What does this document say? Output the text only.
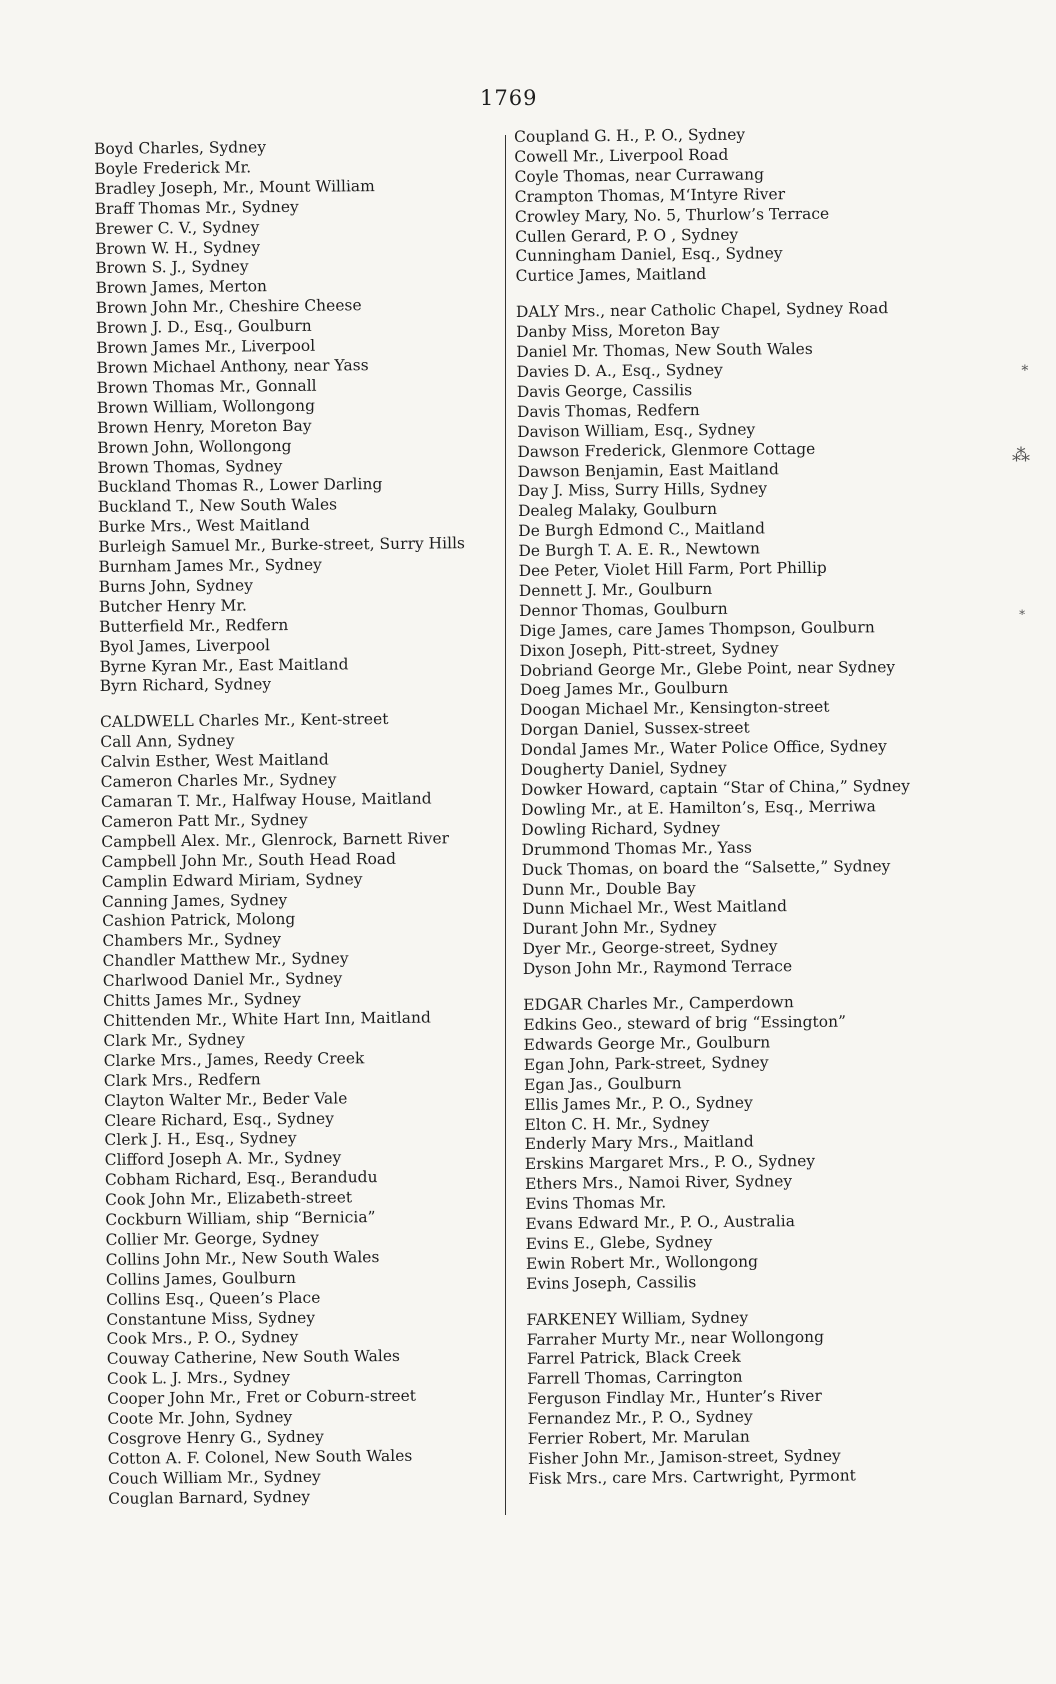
1769
Boyd Charles, Sydney
Boyle Frederick Mr.
Bradley Joseph, Mr., Mount William
Braff Thomas Mr., Sydney
Brewer C. V., Sydney
Brown W. H., Sydney
Brown S. J., Sydney
Brown James, Merton
Brown John Mr., Cheshire Cheese
Brown J. D., Esq., Goulburn
Brown James Mr., Liverpool
Brown Michael Anthony, near Yass
Brown Thomas Mr., Gonnall
Brown William, Wollongong
Brown Henry, Moreton Bay
Brown John, Wollongong
Brown Thomas, Sydney
Buckland Thomas R., Lower Darling
Buckland T., New South Wales
Burke Mrs., West Maitland
Burleigh Samuel Mr., Burke-street, Surry Hills
Burnham James Mr., Sydney
Burns John, Sydney
Butcher Henry Mr.
Butterfield Mr., Redfern
Byol James, Liverpool
Byrne Kyran Mr., East Maitland
Byrn Richard, Sydney
CALDWELL Charles Mr., Kent-street
Call Ann, Sydney
Calvin Esther, West Maitland
Cameron Charles Mr., Sydney
Camaran T. Mr., Halfway House, Maitland
Cameron Patt Mr., Sydney
Campbell Alex. Mr., Glenrock, Barnett River
Campbell John Mr., South Head Road
Camplin Edward Miriam, Sydney
Canning James, Sydney
Cashion Patrick, Molong
Chambers Mr., Sydney
Chandler Matthew Mr., Sydney
Charlwood Daniel Mr., Sydney
Chitts James Mr., Sydney
Chittenden Mr., White Hart Inn, Maitland
Clark Mr., Sydney
Clarke Mrs., James, Reedy Creek
Clark Mrs., Redfern
Clayton Walter Mr., Beder Vale
Cleare Richard, Esq., Sydney
Clerk J. H., Esq., Sydney
Clifford Joseph A. Mr., Sydney
Cobham Richard, Esq., Berandudu
Cook John Mr., Elizabeth-street
Cockburn William, ship “Bernicia”
Collier Mr. George, Sydney
Collins John Mr., New South Wales
Collins James, Goulburn
Collins Esq., Queen’s Place
Constantune Miss, Sydney
Cook Mrs., P. O., Sydney
Couway Catherine, New South Wales
Cook L. J. Mrs., Sydney
Cooper John Mr., Fret or Coburn-street
Coote Mr. John, Sydney
Cosgrove Henry G., Sydney
Cotton A. F. Colonel, New South Wales
Couch William Mr., Sydney
Couglan Barnard, Sydney
Coupland G. H., P. O., Sydney
Cowell Mr., Liverpool Road
Coyle Thomas, near Currawang
Crampton Thomas, M‘Intyre River
Crowley Mary, No. 5, Thurlow’s Terrace
Cullen Gerard, P. O , Sydney
Cunningham Daniel, Esq., Sydney
Curtice James, Maitland
DALY Mrs., near Catholic Chapel, Sydney Road
Danby Miss, Moreton Bay
Daniel Mr. Thomas, New South Wales
Davies D. A., Esq., Sydney
Davis George, Cassilis
Davis Thomas, Redfern
Davison William, Esq., Sydney
Dawson Frederick, Glenmore Cottage
Dawson Benjamin, East Maitland
Day J. Miss, Surry Hills, Sydney
Dealeg Malaky, Goulburn
De Burgh Edmond C., Maitland
De Burgh T. A. E. R., Newtown
Dee Peter, Violet Hill Farm, Port Phillip
Dennett J. Mr., Goulburn
Dennor Thomas, Goulburn
Dige James, care James Thompson, Goulburn
Dixon Joseph, Pitt-street, Sydney
Dobriand George Mr., Glebe Point, near Sydney
Doeg James Mr., Goulburn
Doogan Michael Mr., Kensington-street
Dorgan Daniel, Sussex-street
Dondal James Mr., Water Police Office, Sydney
Dougherty Daniel, Sydney
Dowker Howard, captain “Star of China,” Sydney
Dowling Mr., at E. Hamilton’s, Esq., Merriwa
Dowling Richard, Sydney
Drummond Thomas Mr., Yass
Duck Thomas, on board the “Salsette,” Sydney
Dunn Mr., Double Bay
Dunn Michael Mr., West Maitland
Durant John Mr., Sydney
Dyer Mr., George-street, Sydney
Dyson John Mr., Raymond Terrace
EDGAR Charles Mr., Camperdown
Edkins Geo., steward of brig “Essington”
Edwards George Mr., Goulburn
Egan John, Park-street, Sydney
Egan Jas., Goulburn
Ellis James Mr., P. O., Sydney
Elton C. H. Mr., Sydney
Enderly Mary Mrs., Maitland
Erskins Margaret Mrs., P. O., Sydney
Ethers Mrs., Namoi River, Sydney
Evins Thomas Mr.
Evans Edward Mr., P. O., Australia
Evins E., Glebe, Sydney
Ewin Robert Mr., Wollongong
Evins Joseph, Cassilis
FARKENEY William, Sydney
Farraher Murty Mr., near Wollongong
Farrel Patrick, Black Creek
Farrell Thomas, Carrington
Ferguson Findlay Mr., Hunter’s River
Fernandez Mr., P. O., Sydney
Ferrier Robert, Mr. Marulan
Fisher John Mr., Jamison-street, Sydney
Fisk Mrs., care Mrs. Cartwright, Pyrmont
∗
⁂
∗
